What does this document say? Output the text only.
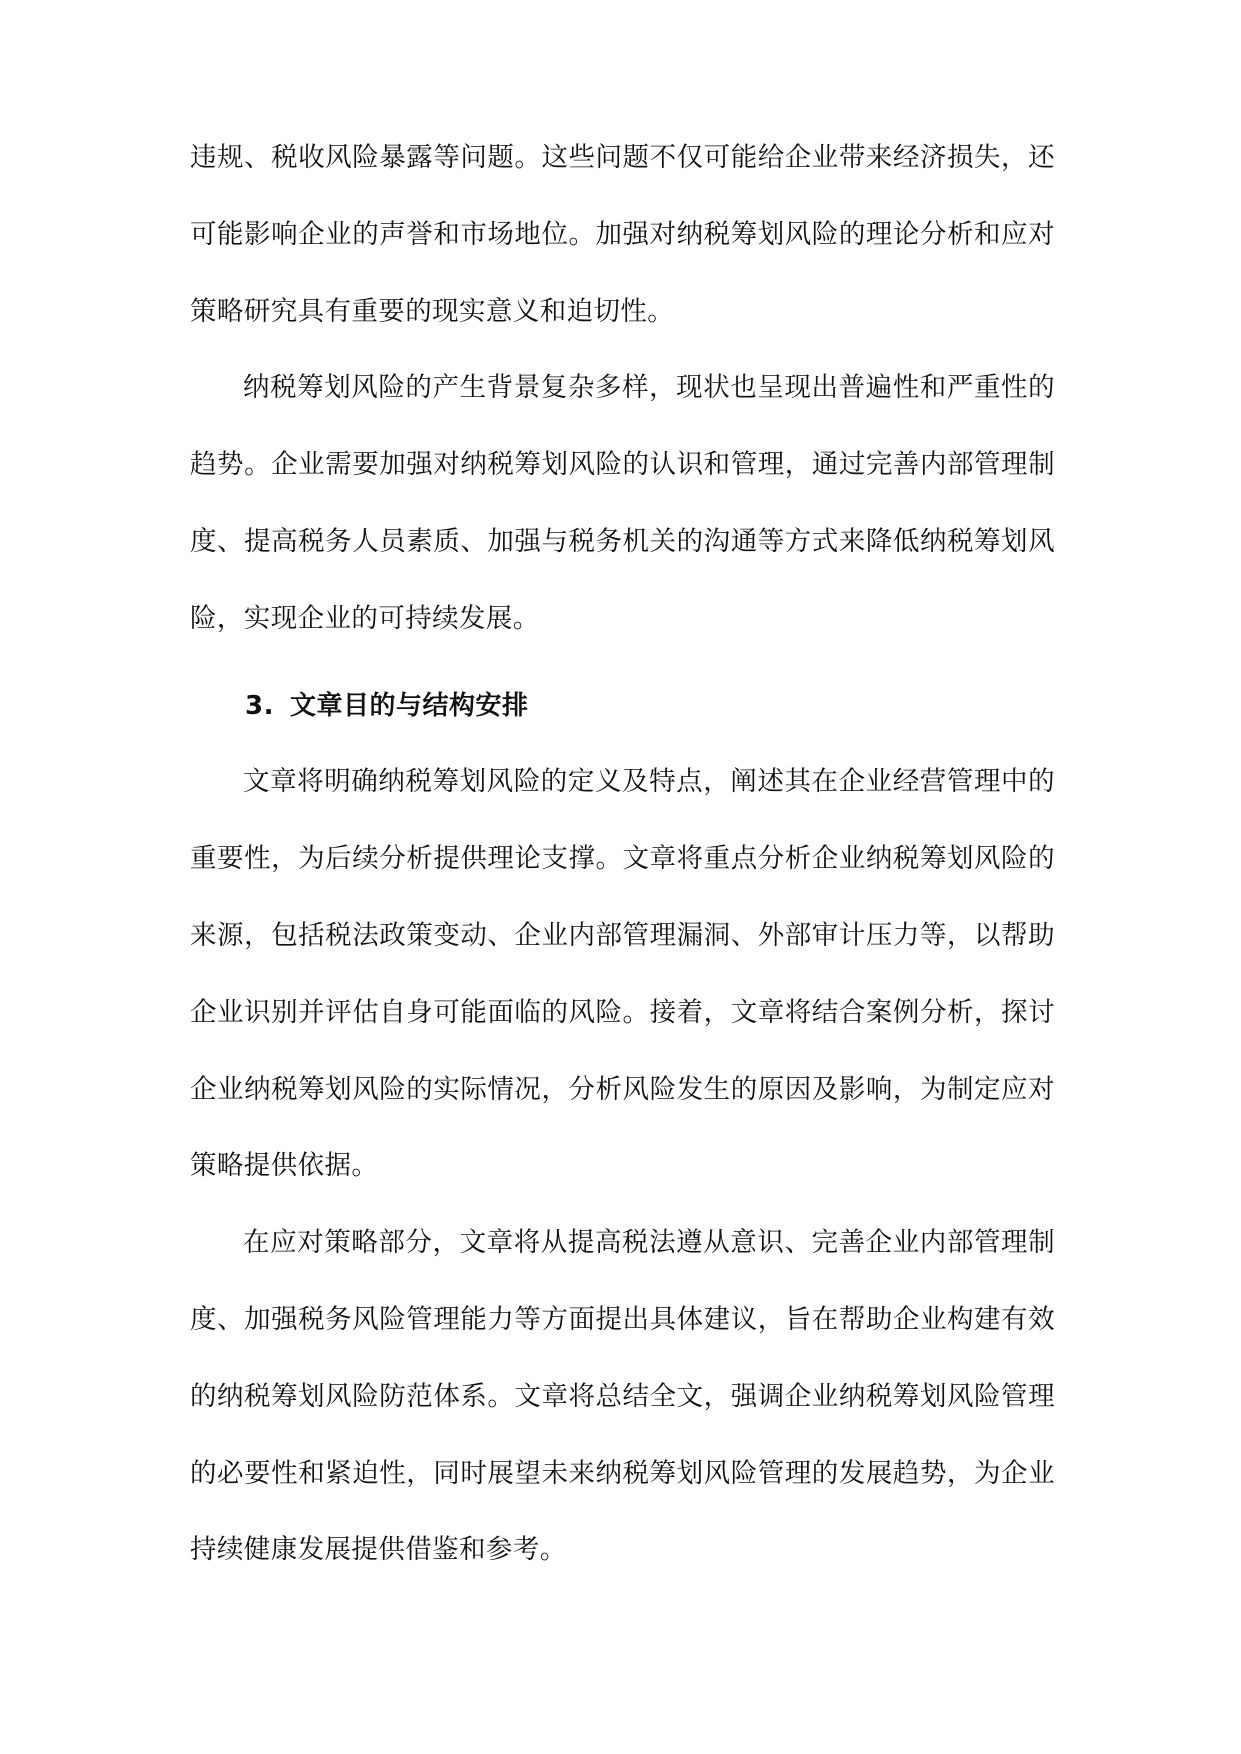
违规、税收风险暴露等问题。这些问题不仅可能给企业带来经济损失，还可能影响企业的声誉和市场地位。加强对纳税筹划风险的理论分析和应对策略研究具有重要的现实意义和迫切性。

纳税筹划风险的产生背景复杂多样，现状也呈现出普遍性和严重性的趋势。企业需要加强对纳税筹划风险的认识和管理，通过完善内部管理制度、提高税务人员素质、加强与税务机关的沟通等方式来降低纳税筹划风险，实现企业的可持续发展。

3. 文章目的与结构安排

文章将明确纳税筹划风险的定义及特点，阐述其在企业经营管理中的重要性，为后续分析提供理论支撑。文章将重点分析企业纳税筹划风险的来源，包括税法政策变动、企业内部管理漏洞、外部审计压力等，以帮助企业识别并评估自身可能面临的风险。接着，文章将结合案例分析，探讨企业纳税筹划风险的实际情况，分析风险发生的原因及影响，为制定应对策略提供依据。

在应对策略部分，文章将从提高税法遵从意识、完善企业内部管理制度、加强税务风险管理能力等方面提出具体建议，旨在帮助企业构建有效的纳税筹划风险防范体系。文章将总结全文，强调企业纳税筹划风险管理的必要性和紧迫性，同时展望未来纳税筹划风险管理的发展趋势，为企业持续健康发展提供借鉴和参考。
